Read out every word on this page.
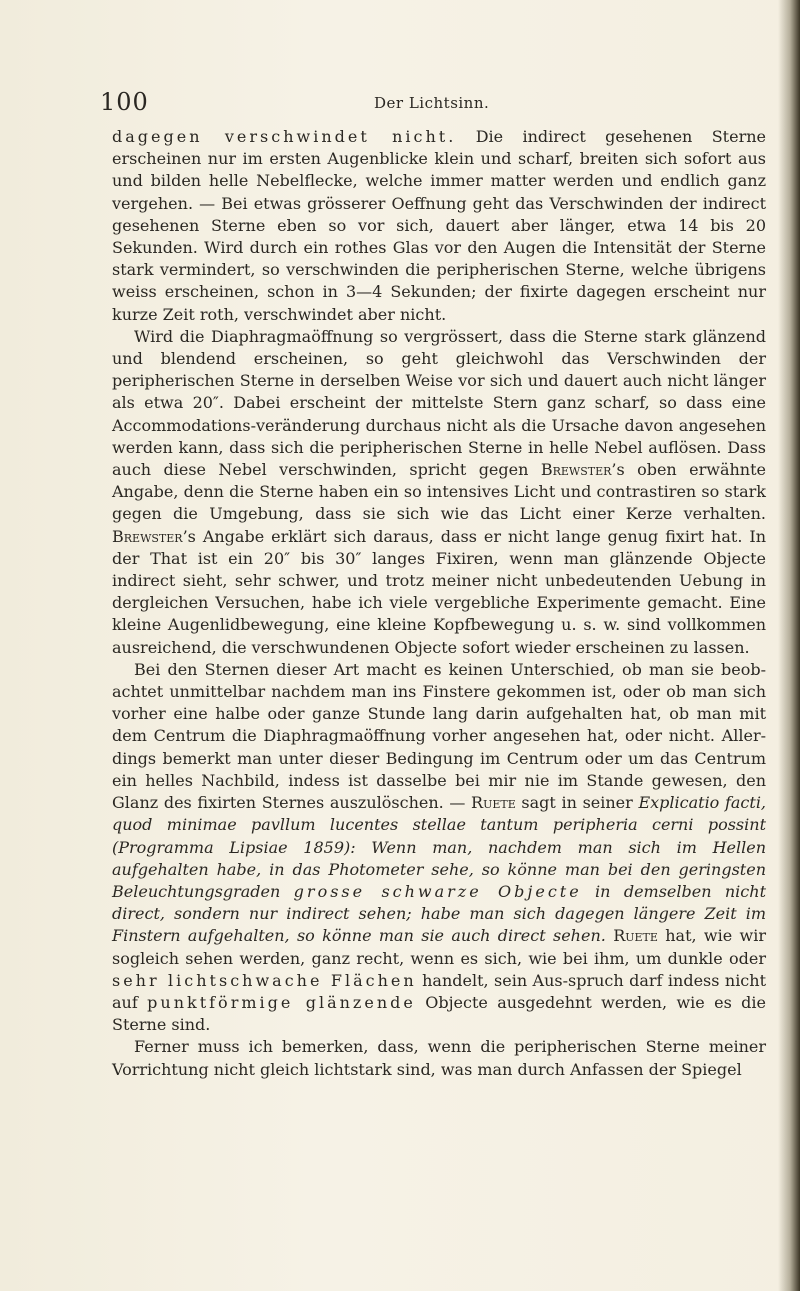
100	Der Lichtsinn.

dagegen verschwindet nicht. Die indirect gesehenen Sterne erscheinen nur im ersten Augenblicke klein und scharf, breiten sich sofort aus und bilden helle Nebelflecke, welche immer matter werden und endlich ganz vergehen. — Bei etwas grösserer Oeffnung geht das Verschwinden der indirect gesehenen Sterne eben so vor sich, dauert aber länger, etwa 14 bis 20 Sekunden. Wird durch ein rothes Glas vor den Augen die Intensität der Sterne stark vermindert, so verschwinden die peripherischen Sterne, welche übrigens weiss erscheinen, schon in 3—4 Sekunden; der fixirte dagegen erscheint nur kurze Zeit roth, verschwindet aber nicht.

Wird die Diaphragmaöffnung so vergrössert, dass die Sterne stark glänzend und blendend erscheinen, so geht gleichwohl das Verschwinden der peripherischen Sterne in derselben Weise vor sich und dauert auch nicht länger als etwa 20″. Dabei erscheint der mittelste Stern ganz scharf, so dass eine Accommodations-veränderung durchaus nicht als die Ursache davon angesehen werden kann, dass sich die peripherischen Sterne in helle Nebel auflösen. Dass auch diese Nebel verschwinden, spricht gegen Brewster’s oben erwähnte Angabe, denn die Sterne haben ein so intensives Licht und contrastiren so stark gegen die Umgebung, dass sie sich wie das Licht einer Kerze verhalten. Brewster’s Angabe erklärt sich daraus, dass er nicht lange genug fixirt hat. In der That ist ein 20″ bis 30″ langes Fixiren, wenn man glänzende Objecte indirect sieht, sehr schwer, und trotz meiner nicht unbedeutenden Uebung in dergleichen Versuchen, habe ich viele vergebliche Experimente gemacht. Eine kleine Augenlidbewegung, eine kleine Kopfbewegung u. s. w. sind vollkommen ausreichend, die verschwundenen Objecte sofort wieder erscheinen zu lassen.

Bei den Sternen dieser Art macht es keinen Unterschied, ob man sie beob-achtet unmittelbar nachdem man ins Finstere gekommen ist, oder ob man sich vorher eine halbe oder ganze Stunde lang darin aufgehalten hat, ob man mit dem Centrum die Diaphragmaöffnung vorher angesehen hat, oder nicht. Aller-dings bemerkt man unter dieser Bedingung im Centrum oder um das Centrum ein helles Nachbild, indess ist dasselbe bei mir nie im Stande gewesen, den Glanz des fixirten Sternes auszulöschen. — Ruete sagt in seiner Explicatio facti, quod minimae pavllum lucentes stellae tantum peripheria cerni possint (Programma Lipsiae 1859): Wenn man, nachdem man sich im Hellen aufgehalten habe, in das Photometer sehe, so könne man bei den geringsten Beleuchtungsgraden grosse schwarze Objecte in demselben nicht direct, sondern nur indirect sehen; habe man sich dagegen längere Zeit im Finstern aufgehalten, so könne man sie auch direct sehen. Ruete hat, wie wir sogleich sehen werden, ganz recht, wenn es sich, wie bei ihm, um dunkle oder sehr lichtschwache Flächen handelt, sein Aus-spruch darf indess nicht auf punktförmige glänzende Objecte ausgedehnt werden, wie es die Sterne sind.

Ferner muss ich bemerken, dass, wenn die peripherischen Sterne meiner Vorrichtung nicht gleich lichtstark sind, was man durch Anfassen der Spiegel
